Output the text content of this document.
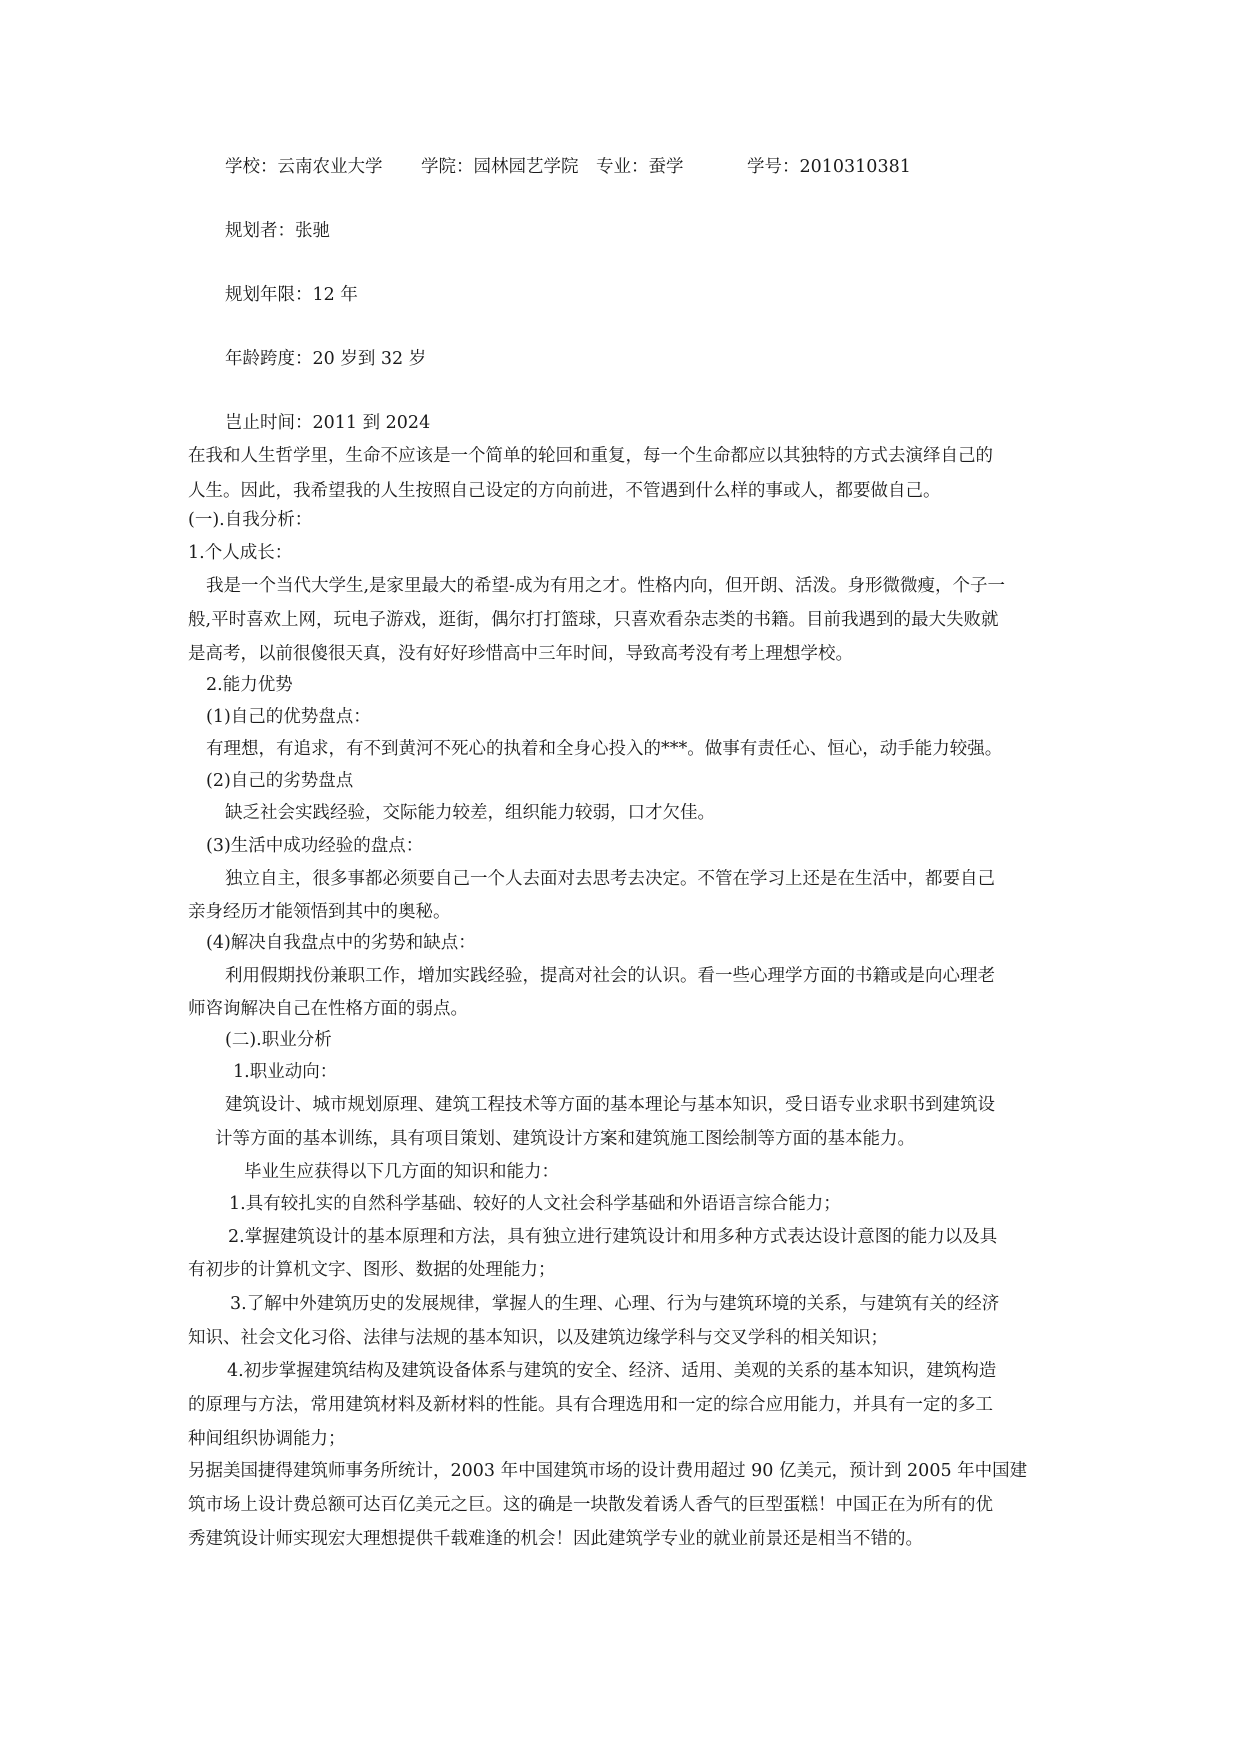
学校：云南农业大学 学院：园林园艺学院 专业：蚕学	学号：2010310381
规划者：张驰
规划年限：12 年
年龄跨度：20 岁到 32 岁
岂止时间：2011 到 2024
在我和人生哲学里，生命不应该是一个简单的轮回和重复，每一个生命都应以其独特的方式去演绎自己的
人生。因此，我希望我的人生按照自己设定的方向前进，不管遇到什么样的事或人，都要做自己。
(一).自我分析：
1.个人成长：
我是一个当代大学生,是家里最大的希望-成为有用之才。性格内向，但开朗、活泼。身形微微瘦，个子一
般,平时喜欢上网，玩电子游戏，逛街，偶尔打打篮球，只喜欢看杂志类的书籍。目前我遇到的最大失败就
是高考，以前很傻很天真，没有好好珍惜高中三年时间，导致高考没有考上理想学校。
2.能力优势
(1)自己的优势盘点：
有理想，有追求，有不到黄河不死心的执着和全身心投入的***。做事有责任心、恒心，动手能力较强。
(2)自己的劣势盘点
缺乏社会实践经验，交际能力较差，组织能力较弱，口才欠佳。
(3)生活中成功经验的盘点：
独立自主，很多事都必须要自己一个人去面对去思考去决定。不管在学习上还是在生活中，都要自己
亲身经历才能领悟到其中的奥秘。
(4)解决自我盘点中的劣势和缺点：
利用假期找份兼职工作，增加实践经验，提高对社会的认识。看一些心理学方面的书籍或是向心理老
师咨询解决自己在性格方面的弱点。
(二).职业分析
1.职业动向：
建筑设计、城市规划原理、建筑工程技术等方面的基本理论与基本知识，受日语专业求职书到建筑设
计等方面的基本训练，具有项目策划、建筑设计方案和建筑施工图绘制等方面的基本能力。
毕业生应获得以下几方面的知识和能力：
1.具有较扎实的自然科学基础、较好的人文社会科学基础和外语语言综合能力；
2.掌握建筑设计的基本原理和方法，具有独立进行建筑设计和用多种方式表达设计意图的能力以及具
有初步的计算机文字、图形、数据的处理能力；
3.了解中外建筑历史的发展规律，掌握人的生理、心理、行为与建筑环境的关系，与建筑有关的经济
知识、社会文化习俗、法律与法规的基本知识，以及建筑边缘学科与交叉学科的相关知识；
4.初步掌握建筑结构及建筑设备体系与建筑的安全、经济、适用、美观的关系的基本知识，建筑构造
的原理与方法，常用建筑材料及新材料的性能。具有合理选用和一定的综合应用能力，并具有一定的多工
种间组织协调能力；
另据美国捷得建筑师事务所统计，2003 年中国建筑市场的设计费用超过 90 亿美元，预计到 2005 年中国建
筑市场上设计费总额可达百亿美元之巨。这的确是一块散发着诱人香气的巨型蛋糕！中国正在为所有的优
秀建筑设计师实现宏大理想提供千载难逢的机会！因此建筑学专业的就业前景还是相当不错的。
